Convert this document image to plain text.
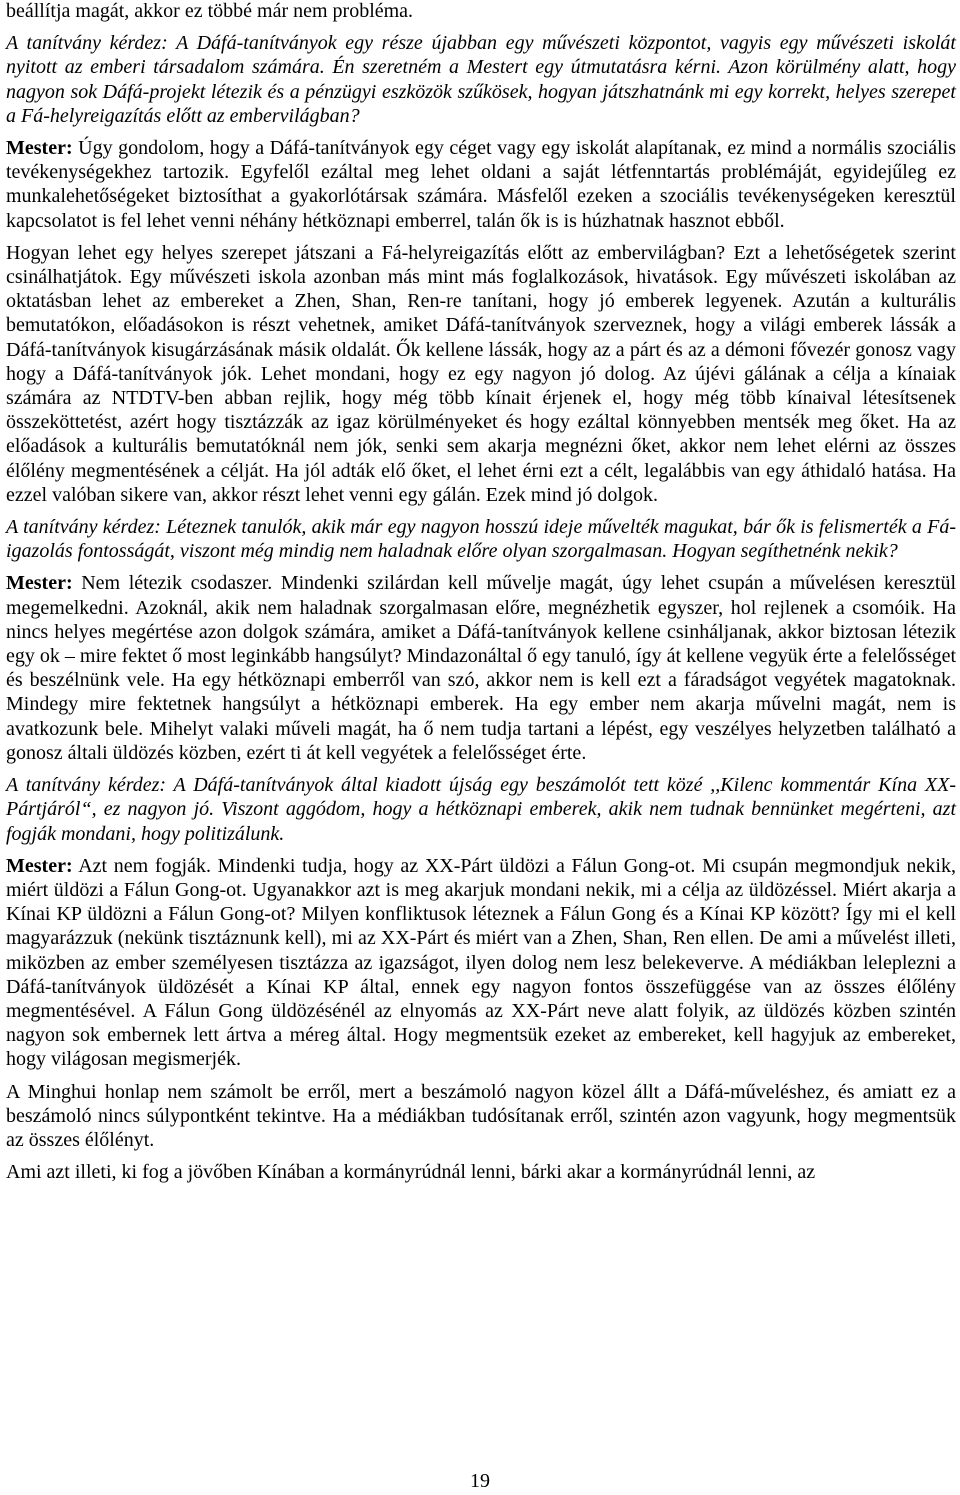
beállítja magát, akkor ez többé már nem probléma.

A tanítvány kérdez: A Dáfá-tanítványok egy része újabban egy művészeti központot, vagyis egy művészeti iskolát nyitott az emberi társadalom számára. Én szeretném a Mestert egy útmutatásra kérni. Azon körülmény alatt, hogy nagyon sok Dáfá-projekt létezik és a pénzügyi eszközök szűkösek, hogyan játszhatnánk mi egy korrekt, helyes szerepet a Fá-helyreigazítás előtt az embervilágban?

Mester: Úgy gondolom, hogy a Dáfá-tanítványok egy céget vagy egy iskolát alapítanak, ez mind a normális szociális tevékenységekhez tartozik. Egyfelől ezáltal meg lehet oldani a saját létfenntartás problémáját, egyidejűleg ez munkalehetőségeket biztosíthat a gyakorlótársak számára. Másfelől ezeken a szociális tevékenységeken keresztül kapcsolatot is fel lehet venni néhány hétköznapi emberrel, talán ők is is húzhatnak hasznot ebből.

Hogyan lehet egy helyes szerepet játszani a Fá-helyreigazítás előtt az embervilágban? Ezt a lehetőségetek szerint csinálhatjátok. Egy művészeti iskola azonban más mint más foglalkozások, hivatások. Egy művészeti iskolában az oktatásban lehet az embereket a Zhen, Shan, Ren-re tanítani, hogy jó emberek legyenek. Azután a kulturális bemutatókon, előadásokon is részt vehetnek, amiket Dáfá-tanítványok szerveznek, hogy a világi emberek lássák a Dáfá-tanítványok kisugárzásának másik oldalát. Ők kellene lássák, hogy az a párt és az a démoni fővezér gonosz vagy hogy a Dáfá-tanítványok jók. Lehet mondani, hogy ez egy nagyon jó dolog. Az újévi gálának a célja a kínaiak számára az NTDTV-ben abban rejlik, hogy még több kínait érjenek el, hogy még több kínaival létesítsenek összeköttetést, azért hogy tisztázzák az igaz körülményeket és hogy ezáltal könnyebben mentsék meg őket. Ha az előadások a kulturális bemutatóknál nem jók, senki sem akarja megnézni őket, akkor nem lehet elérni az összes élőlény megmentésének a célját. Ha jól adták elő őket, el lehet érni ezt a célt, legalábbis van egy áthidaló hatása. Ha ezzel valóban sikere van, akkor részt lehet venni egy gálán. Ezek mind jó dolgok.

A tanítvány kérdez: Léteznek tanulók, akik már egy nagyon hosszú ideje művelték magukat, bár ők is felismerték a Fá-igazolás fontosságát, viszont még mindig nem haladnak előre olyan szorgalmasan. Hogyan segíthetnénk nekik?

Mester: Nem létezik csodaszer. Mindenki szilárdan kell művelje magát, úgy lehet csupán a művelésen keresztül megemelkedni. Azoknál, akik nem haladnak szorgalmasan előre, megnézhetik egyszer, hol rejlenek a csomóik. Ha nincs helyes megértése azon dolgok számára, amiket a Dáfá-tanítványok kellene csinháljanak, akkor biztosan létezik egy ok – mire fektet ő most leginkább hangsúlyt? Mindazonáltal ő egy tanuló, így át kellene vegyük érte a felelősséget és beszélnünk vele. Ha egy hétköznapi emberről van szó, akkor nem is kell ezt a fáradságot vegyétek magatoknak. Mindegy mire fektetnek hangsúlyt a hétköznapi emberek. Ha egy ember nem akarja művelni magát, nem is avatkozunk bele. Mihelyt valaki műveli magát, ha ő nem tudja tartani a lépést, egy veszélyes helyzetben található a gonosz általi üldözés közben, ezért ti át kell vegyétek a felelősséget érte.

A tanítvány kérdez: A Dáfá-tanítványok által kiadott újság egy beszámolót tett közé ,,Kilenc kommentár Kína XX-Pártjáról“, ez nagyon jó. Viszont aggódom, hogy a hétköznapi emberek, akik nem tudnak bennünket megérteni, azt fogják mondani, hogy politizálunk.

Mester: Azt nem fogják. Mindenki tudja, hogy az XX-Párt üldözi a Fálun Gong-ot. Mi csupán megmondjuk nekik, miért üldözi a Fálun Gong-ot. Ugyanakkor azt is meg akarjuk mondani nekik, mi a célja az üldözéssel. Miért akarja a Kínai KP üldözni a Fálun Gong-ot? Milyen konfliktusok léteznek a Fálun Gong és a Kínai KP között? Így mi el kell magyarázzuk (nekünk tisztáznunk kell), mi az XX-Párt és miért van a Zhen, Shan, Ren ellen. De ami a művelést illeti, miközben az ember személyesen tisztázza az igazságot, ilyen dolog nem lesz belekeverve. A médiákban leleplezni a Dáfá-tanítványok üldözését a Kínai KP által, ennek egy nagyon fontos összefüggése van az összes élőlény megmentésével. A Fálun Gong üldözésénél az elnyomás az XX-Párt neve alatt folyik, az üldözés közben szintén nagyon sok embernek lett ártva a méreg által. Hogy megmentsük ezeket az embereket, kell hagyjuk az embereket, hogy világosan megismerjék.

A Minghui honlap nem számolt be erről, mert a beszámoló nagyon közel állt a Dáfá-műveléshez, és amiatt ez a beszámoló nincs súlypontként tekintve. Ha a médiákban tudósítanak erről, szintén azon vagyunk, hogy megmentsük az összes élőlényt.

Ami azt illeti, ki fog a jövőben Kínában a kormányrúdnál lenni, bárki akar a kormányrúdnál lenni, az

19
